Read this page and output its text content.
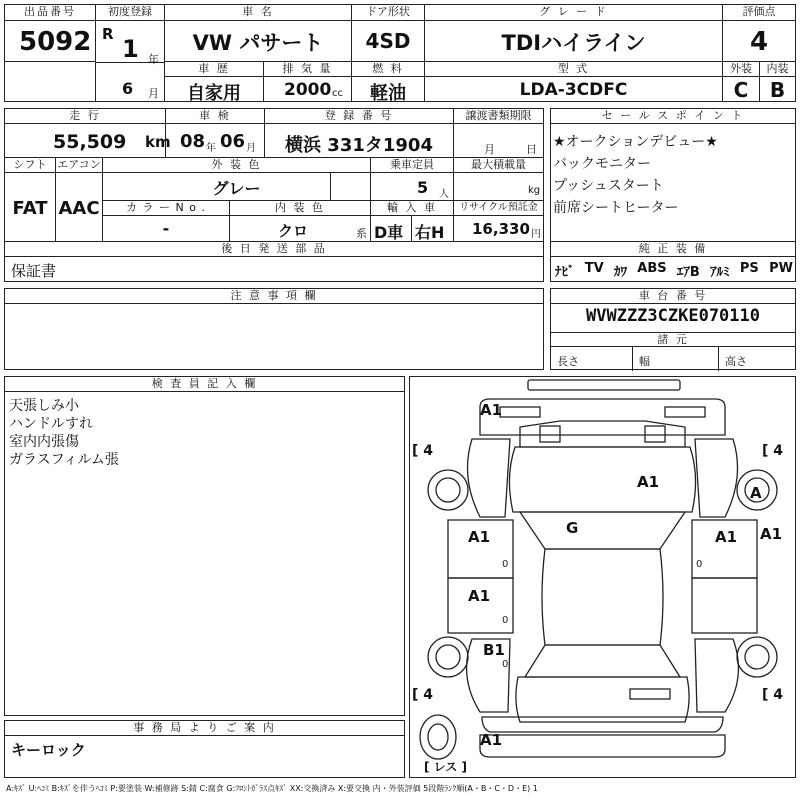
出品番号
5092
初度登録
R
1 年
6 月
車 名
VW パサート
ドア形状
4SD
グ レ ー ド
TDIハイライン
評価点
4
車 歴
自家用
排 気 量
2000 cc
燃 料
軽油
型 式
LDA-3CDFC
外装
C
内装
B
走 行
55,509 km
車 検
08 年 06 月
登 録 番 号
横浜 331タ1904
譲渡書類期限
月	日
シフト
FAT
エアコン
AAC
外 装 色
グレー
乗車定員
5 人
最大積載量
kg
カ ラ ー N o .
-
内 装 色
クロ	系
輸 入 車
D車 右H
リサイクル預託金
16,330 円
後 日 発 送 部 品
保証書
セ ー ル ス ポ イ ン ト
★オークションデビュー★
バックモニター
プッシュスタート
前席シートヒーター
純 正 装 備
ﾅﾋﾞ TV ｶﾜ ABS ｴｱB ｱﾙﾐ PS PW
注 意 事 項 欄	車 台 番 号
WVWZZZ3CZKE070110
諸 元
長さ	幅	高さ
検 査 員 記 入 欄
天張しみ小
ハンドルすれ
室内内張傷
ガラスフィルム張
事 務 局 よ り ご 案 内
キーロック
0
0
0
0
A1
A1
A1
A1
G	A1 A1
A
B1
A1
[ 4	[ 4
[ 4	[ 4
[ レス ]
A:ｷｽﾞ U:ﾍｺﾐ B:ｷｽﾞを伴うﾍｺﾐ P:要塗装 W:補修跡 S:錆 C:腐食 G:ﾌﾛﾝﾄｶﾞﾗｽ点ｷｽﾞ XX:交換済み X:要交換 内・外装評価 5段階ﾗﾝｸ順(A・B・C・D・E) 1
